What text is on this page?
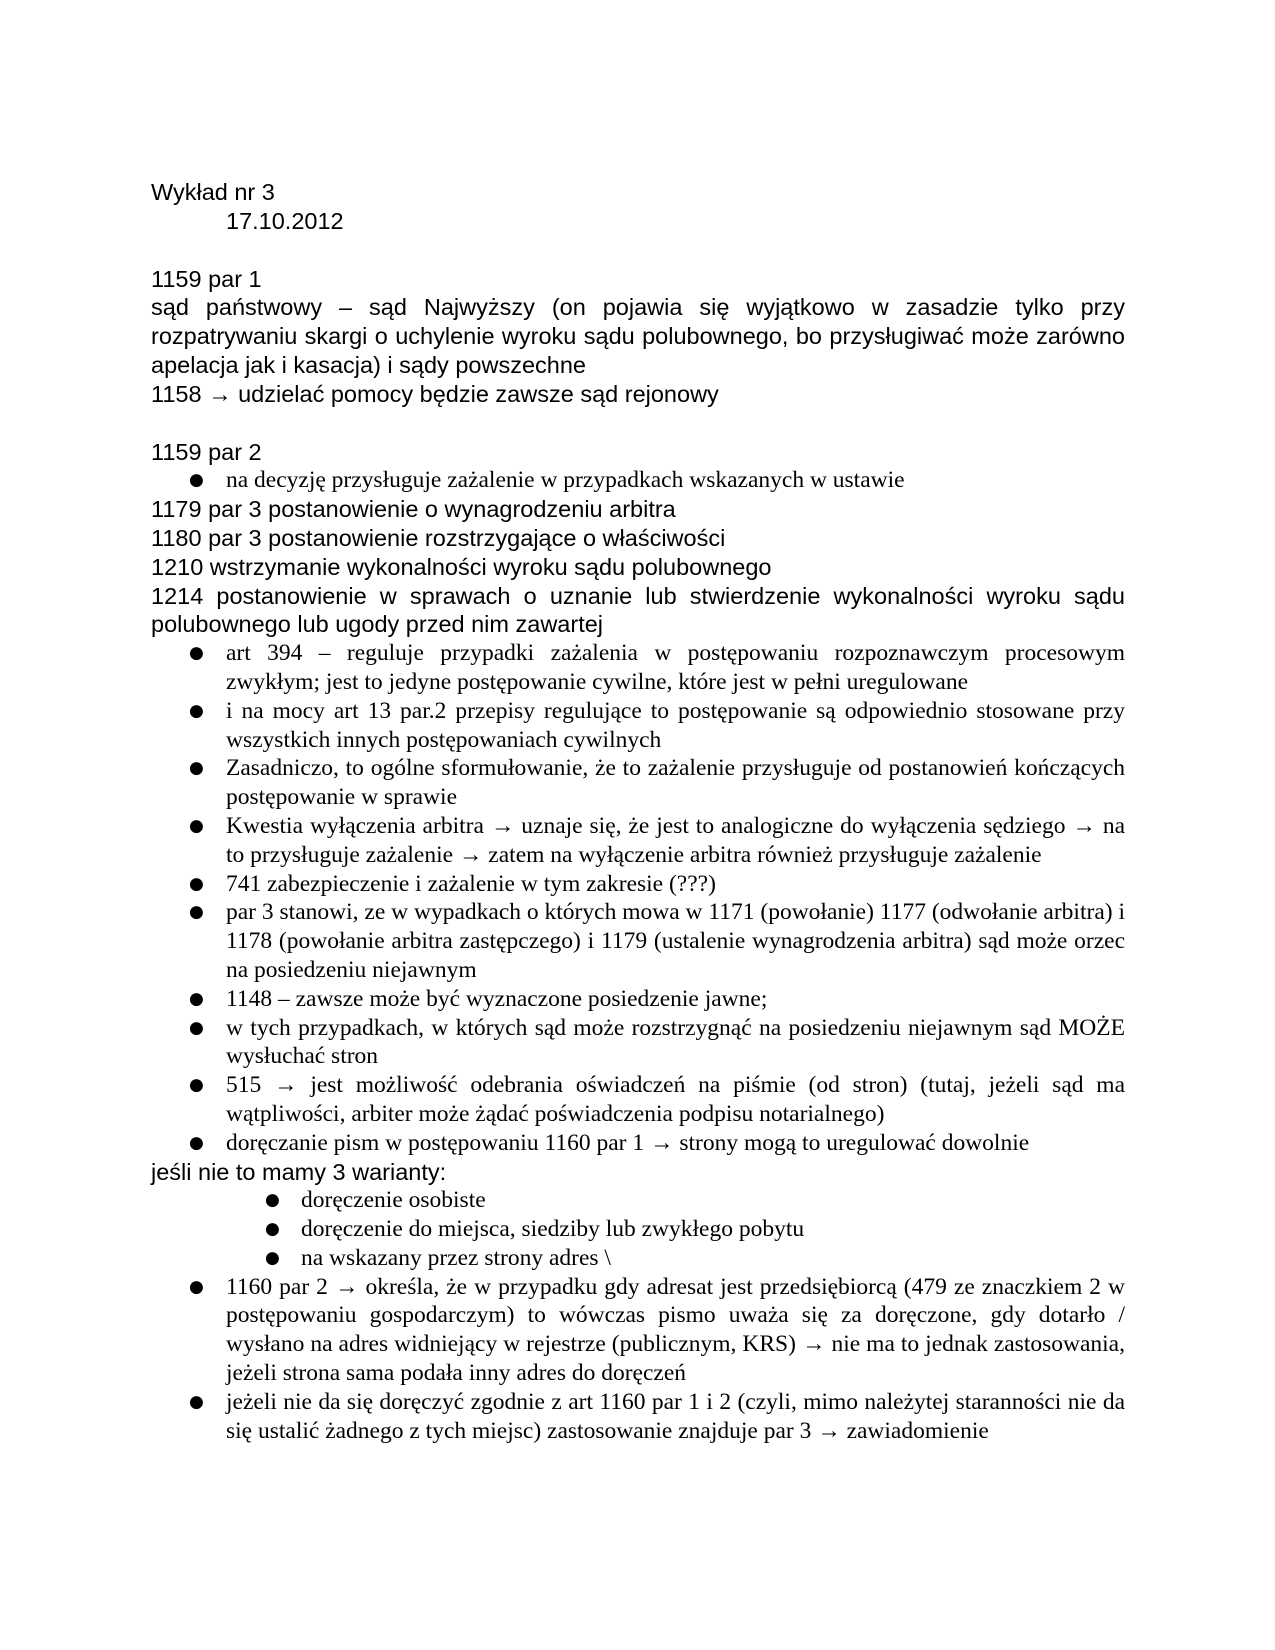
Wykład nr 3

17.10.2012

1159 par 1

sąd państwowy – sąd Najwyższy (on pojawia się wyjątkowo w zasadzie tylko przy rozpatrywaniu skargi o uchylenie wyroku sądu polubownego, bo przysługiwać może zarówno apelacja jak i kasacja) i sądy powszechne

1158 → udzielać pomocy będzie zawsze sąd rejonowy

1159 par 2

● na decyzję przysługuje zażalenie w przypadkach wskazanych w ustawie

1179 par 3 postanowienie o wynagrodzeniu arbitra

1180 par 3 postanowienie rozstrzygające o właściwości

1210 wstrzymanie wykonalności wyroku sądu polubownego

1214 postanowienie w sprawach o uznanie lub stwierdzenie wykonalności wyroku sądu polubownego lub ugody przed nim zawartej

● art 394 – reguluje przypadki zażalenia w postępowaniu rozpoznawczym procesowym zwykłym; jest to jedyne postępowanie cywilne, które jest w pełni uregulowane
● i na mocy art 13 par.2 przepisy regulujące to postępowanie są odpowiednio stosowane przy wszystkich innych postępowaniach cywilnych
● Zasadniczo, to ogólne sformułowanie, że to zażalenie przysługuje od postanowień kończących postępowanie w sprawie
● Kwestia wyłączenia arbitra → uznaje się, że jest to analogiczne do wyłączenia sędziego → na to przysługuje zażalenie → zatem na wyłączenie arbitra również przysługuje zażalenie
● 741 zabezpieczenie i zażalenie w tym zakresie (???)
● par 3 stanowi, ze w wypadkach o których mowa w 1171 (powołanie) 1177 (odwołanie arbitra) i 1178 (powołanie arbitra zastępczego) i 1179 (ustalenie wynagrodzenia arbitra) sąd może orzec na posiedzeniu niejawnym
● 1148 – zawsze może być wyznaczone posiedzenie jawne;
● w tych przypadkach, w których sąd może rozstrzygnąć na posiedzeniu niejawnym sąd MOŻE wysłuchać stron
● 515 → jest możliwość odebrania oświadczeń na piśmie (od stron) (tutaj, jeżeli sąd ma wątpliwości, arbiter może żądać poświadczenia podpisu notarialnego)
● doręczanie pism w postępowaniu 1160 par 1 → strony mogą to uregulować dowolnie

jeśli nie to mamy 3 warianty:

● doręczenie osobiste
● doręczenie do miejsca, siedziby lub zwykłego pobytu
● na wskazany przez strony adres \
● 1160 par 2 → określa, że w przypadku gdy adresat jest przedsiębiorcą (479 ze znaczkiem 2 w postępowaniu gospodarczym) to wówczas pismo uważa się za doręczone, gdy dotarło / wysłano na adres widniejący w rejestrze (publicznym, KRS) → nie ma to jednak zastosowania, jeżeli strona sama podała inny adres do doręczeń
● jeżeli nie da się doręczyć zgodnie z art 1160 par 1 i 2 (czyli, mimo należytej staranności nie da się ustalić żadnego z tych miejsc) zastosowanie znajduje par 3 → zawiadomienie
